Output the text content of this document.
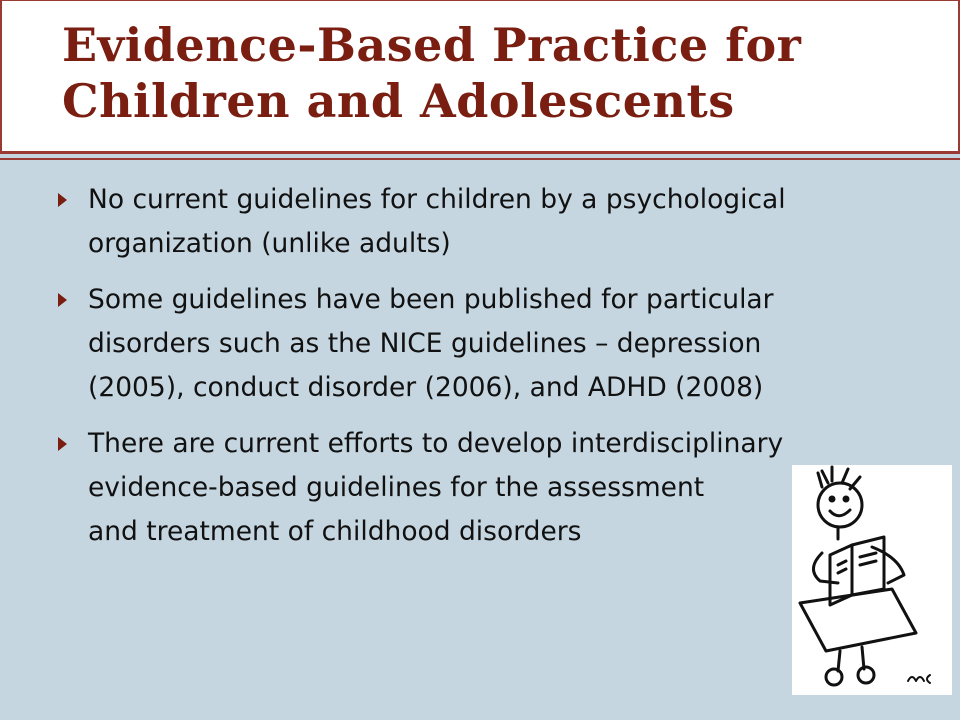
Evidence-Based Practice for
Children and Adolescents
No current guidelines for children by a psychological
organization (unlike adults)
Some guidelines have been published for particular
disorders such as the NICE guidelines – depression
(2005), conduct disorder (2006), and ADHD (2008)
There are current efforts to develop interdisciplinary
evidence-based guidelines for the assessment
and treatment of childhood disorders
